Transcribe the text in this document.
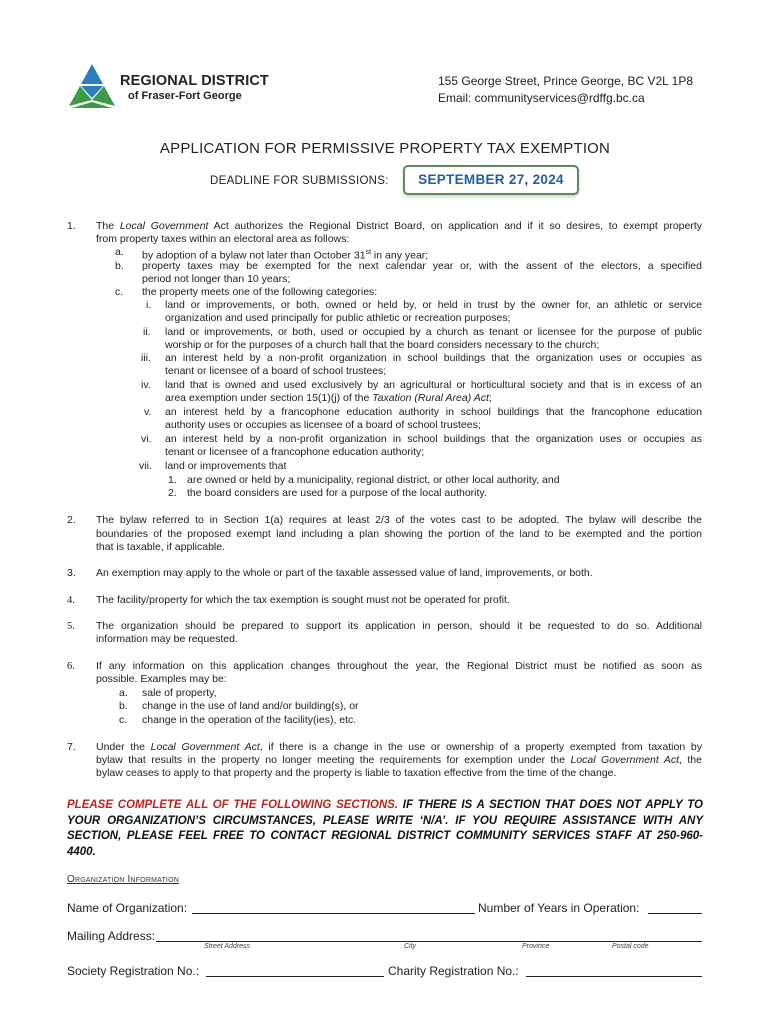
REGIONAL DISTRICT
of Fraser-Fort George
155 George Street, Prince George, BC V2L 1P8
Email: communityservices@rdffg.bc.ca
APPLICATION FOR PERMISSIVE PROPERTY TAX EXEMPTION
DEADLINE FOR SUBMISSIONS:	SEPTEMBER 27, 2024
1. The Local Government Act authorizes the Regional District Board, on application and if it so desires, to exempt property
from property taxes within an electoral area as follows:
a. by adoption of a bylaw not later than October 31st in any year;
b. property taxes may be exempted for the next calendar year or, with the assent of the electors, a specified
period not longer than 10 years;
c. the property meets one of the following categories:
i. land or improvements, or both, owned or held by, or held in trust by the owner for, an athletic or service
organization and used principally for public athletic or recreation purposes;
ii. land or improvements, or both, used or occupied by a church as tenant or licensee for the purpose of public
worship or for the purposes of a church hall that the board considers necessary to the church;
iii. an interest held by a non-profit organization in school buildings that the organization uses or occupies as
tenant or licensee of a board of school trustees;
iv. land that is owned and used exclusively by an agricultural or horticultural society and that is in excess of an
area exemption under section 15(1)(j) of the Taxation (Rural Area) Act;
v. an interest held by a francophone education authority in school buildings that the francophone education
authority uses or occupies as licensee of a board of school trustees;
vi. an interest held by a non-profit organization in school buildings that the organization uses or occupies as
tenant or licensee of a francophone education authority;
vii. land or improvements that
1. are owned or held by a municipality, regional district, or other local authority, and
2. the board considers are used for a purpose of the local authority.
2. The bylaw referred to in Section 1(a) requires at least 2/3 of the votes cast to be adopted. The bylaw will describe the
boundaries of the proposed exempt land including a plan showing the portion of the land to be exempted and the portion
that is taxable, if applicable.
3. An exemption may apply to the whole or part of the taxable assessed value of land, improvements, or both.
4. The facility/property for which the tax exemption is sought must not be operated for profit.
5. The organization should be prepared to support its application in person, should it be requested to do so. Additional
information may be requested.
6. If any information on this application changes throughout the year, the Regional District must be notified as soon as
possible. Examples may be:
a. sale of property,
b. change in the use of land and/or building(s), or
c. change in the operation of the facility(ies), etc.
7. Under the Local Government Act, if there is a change in the use or ownership of a property exempted from taxation by
bylaw that results in the property no longer meeting the requirements for exemption under the Local Government Act, the
bylaw ceases to apply to that property and the property is liable to taxation effective from the time of the change.
PLEASE COMPLETE ALL OF THE FOLLOWING SECTIONS. IF THERE IS A SECTION THAT DOES NOT APPLY TO YOUR ORGANIZATION’S CIRCUMSTANCES, PLEASE WRITE ‘N/A’. IF YOU REQUIRE ASSISTANCE WITH ANY SECTION, PLEASE FEEL FREE TO CONTACT REGIONAL DISTRICT COMMUNITY SERVICES STAFF AT 250-960-4400.
Organization Information
Name of Organization:	Number of Years in Operation:
Mailing Address:
Street Address	City	Province	Postal code
Society Registration No.:	Charity Registration No.:
